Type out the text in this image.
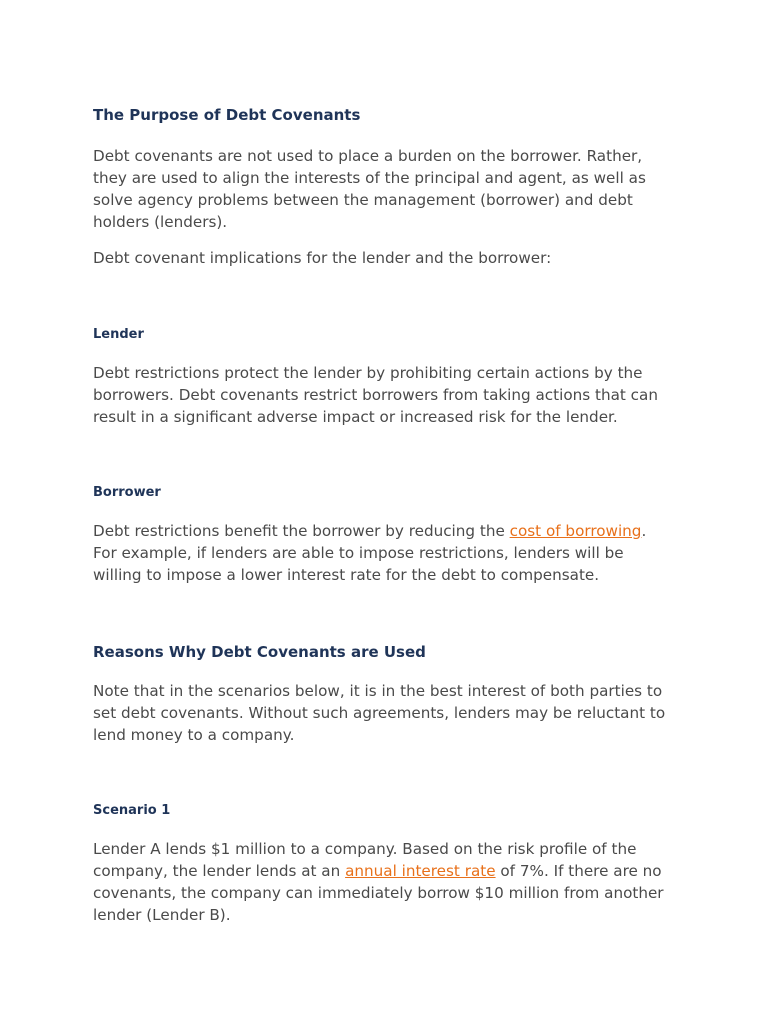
The Purpose of Debt Covenants

Debt covenants are not used to place a burden on the borrower. Rather,
they are used to align the interests of the principal and agent, as well as
solve agency problems between the management (borrower) and debt
holders (lenders).

Debt covenant implications for the lender and the borrower:

Lender

Debt restrictions protect the lender by prohibiting certain actions by the
borrowers. Debt covenants restrict borrowers from taking actions that can
result in a significant adverse impact or increased risk for the lender.

Borrower

Debt restrictions benefit the borrower by reducing the cost of borrowing.
For example, if lenders are able to impose restrictions, lenders will be
willing to impose a lower interest rate for the debt to compensate.

Reasons Why Debt Covenants are Used

Note that in the scenarios below, it is in the best interest of both parties to
set debt covenants. Without such agreements, lenders may be reluctant to
lend money to a company.

Scenario 1

Lender A lends $1 million to a company. Based on the risk profile of the
company, the lender lends at an annual interest rate of 7%. If there are no
covenants, the company can immediately borrow $10 million from another
lender (Lender B).
